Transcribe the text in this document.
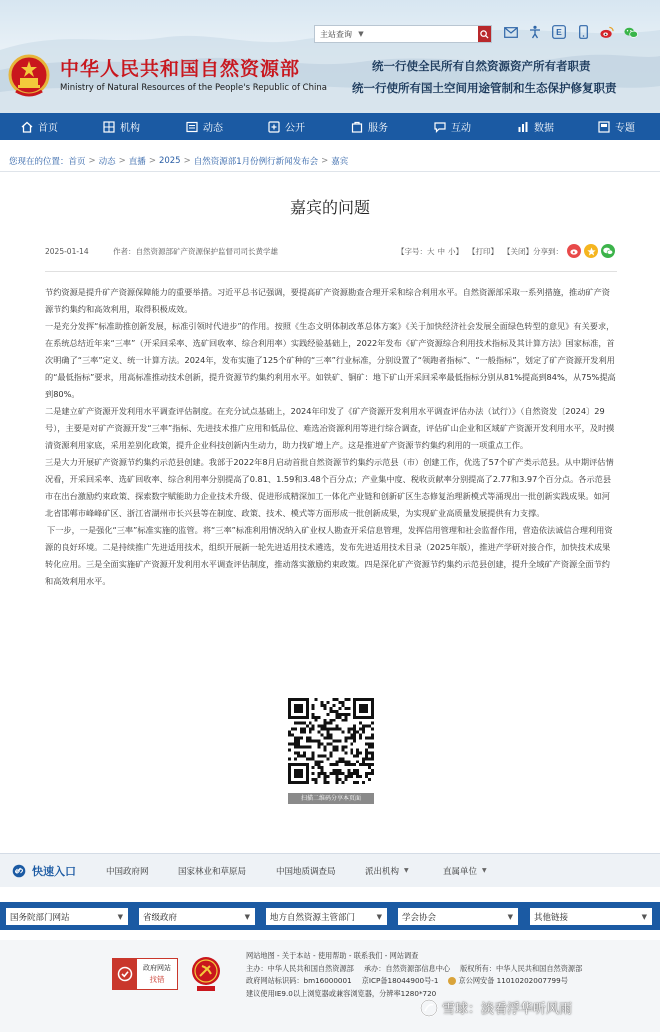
主站查询 ▼	E
中华人民共和国自然资源部
Ministry of Natural Resources of the People's Republic of China
统一行使全民所有自然资源资产所有者职责
统一行使所有国土空间用途管制和生态保护修复职责
首页	机构	动态	公开	服务	互动	数据	专题
您现在的位置： 首页 > 动态 > 直播 > 2025 > 自然资源部1月份例行新闻发布会 > 嘉宾
嘉宾的问题
2025-01-14	作者： 自然资源部矿产资源保护监督司司长黄学雄	【字号： 大 中 小 】 【打印】 【关闭】 分享到：

节约资源是提升矿产资源保障能力的重要举措。习近平总书记强调，要提高矿产资源勘查合理开采和综合利用水平。自然资源部采取一系列措施，推动矿产资源节约集约和高效利用，取得积极成效。

一是充分发挥“标准助推创新发展，标准引领时代进步”的作用。按照《生态文明体制改革总体方案》《关于加快经济社会发展全面绿色转型的意见》有关要求，在系统总结近年来“三率”（开采回采率、选矿回收率、综合利用率）实践经验基础上，2022年发布《矿产资源综合利用技术指标及其计算方法》国家标准，首次明确了“三率”定义、统一计算方法。2024年，发布实施了125个矿种的“三率”行业标准，分别设置了“领跑者指标”、“一般指标”，划定了矿产资源开发利用的“最低指标”要求，用高标准推动技术创新，提升资源节约集约利用水平。如铁矿、铜矿：地下矿山开采回采率最低指标分别从81%提高到84%，从75%提高到80%。

二是建立矿产资源开发利用水平调查评估制度。在充分试点基础上，2024年印发了《矿产资源开发利用水平调查评估办法（试行）》（自然资发〔2024〕29号），主要是对矿产资源开发“三率”指标、先进技术推广应用和低品位、难选冶资源利用等进行综合调查，评估矿山企业和区域矿产资源开发利用水平，及时摸清资源利用家底，采用差别化政策，提升企业科技创新内生动力，助力找矿增上产。这是推进矿产资源节约集约利用的一项重点工作。

三是大力开展矿产资源节约集约示范县创建。我部于2022年8月启动首批自然资源节约集约示范县（市）创建工作，优选了57个矿产类示范县。从中期评估情况看，开采回采率、选矿回收率、综合利用率分别提高了0.81、1.59和3.48个百分点；产业集中度、税收贡献率分别提高了2.77和3.97个百分点。各示范县市在出台激励约束政策、探索数字赋能助力企业技术升级、促进形成精深加工一体化产业链和创新矿区生态修复治理新模式等涌现出一批创新实践成果。如河北省邯郸市峰峰矿区、浙江省湖州市长兴县等在制度、政策、技术、模式等方面形成一批创新成果，为实现矿业高质量发展提供有力支撑。

下一步，一是强化“三率”标准实施的监管。将“三率”标准利用情况纳入矿业权人勘查开采信息管理，发挥信用管理和社会监督作用，营造依法诚信合理利用资源的良好环境。二是持续推广先进适用技术，组织开展新一轮先进适用技术遴选，发布先进适用技术目录（2025年版），推进产学研对接合作，加快技术成果转化应用。三是全面实施矿产资源开发利用水平调查评估制度，推动落实激励约束政策。四是深化矿产资源节约集约示范县创建，提升全域矿产资源全面节约和高效利用水平。

扫描二维码分享本页面
快速入口	中国政府网	国家林业和草原局	中国地质调查局	派出机构 ▼	直属单位 ▼
国务院部门网站	▼ 省级政府	▼ 地方自然资源主管部门	▼ 学会协会	▼ 其他链接	▼
政府网站
找错
网站地图 - 关于本站 - 使用帮助 - 联系我们 - 网站调查
主办：中华人民共和国自然资源部 承办：自然资源部信息中心 版权所有：中华人民共和国自然资源部
政府网站标识码：bm16000001 京ICP备18044900号-1	京公网安备 11010202007799号
建议使用IE9.0以上浏览器或兼容浏览器，分辨率1280*720
雪球：淡看浮华听风雨
